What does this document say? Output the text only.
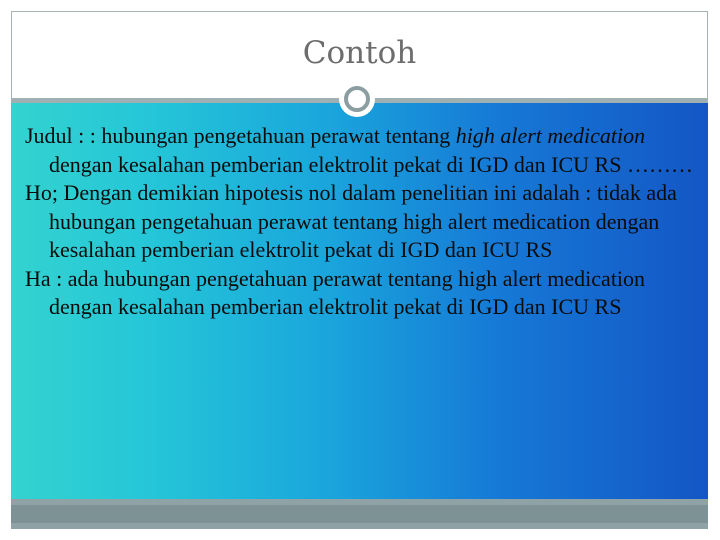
Contoh

Judul : : hubungan pengetahuan perawat tentang high alert medication dengan kesalahan pemberian elektrolit pekat di IGD dan ICU RS ………

Ho; Dengan demikian hipotesis nol dalam penelitian ini adalah : tidak ada hubungan pengetahuan perawat tentang high alert medication dengan kesalahan pemberian elektrolit pekat di IGD dan ICU RS

Ha : ada hubungan pengetahuan perawat tentang high alert medication dengan kesalahan pemberian elektrolit pekat di IGD dan ICU RS
